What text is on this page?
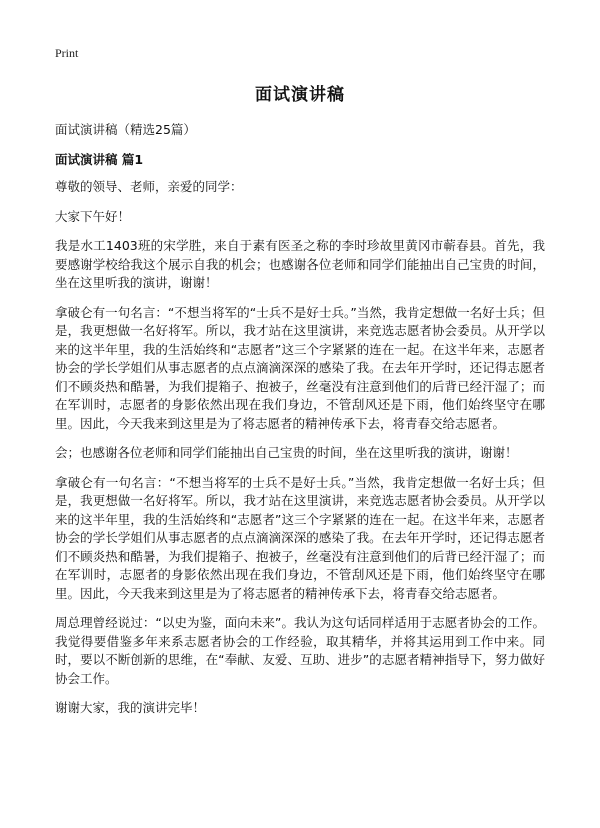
Print
面试演讲稿
面试演讲稿（精选25篇）
面试演讲稿 篇1

尊敬的领导、老师，亲爱的同学：

大家下午好！

我是水工1403班的宋学胜，来自于素有医圣之称的李时珍故里黄冈市蕲春县。首先，我要感谢学校给我这个展示自我的机会；也感谢各位老师和同学们能抽出自己宝贵的时间，坐在这里听我的演讲，谢谢！

拿破仑有一句名言：“不想当将军的“士兵不是好士兵。”当然，我肯定想做一名好士兵；但是，我更想做一名好将军。所以，我才站在这里演讲，来竞选志愿者协会委员。从开学以来的这半年里，我的生活始终和“志愿者”这三个字紧紧的连在一起。在这半年来，志愿者协会的学长学姐们从事志愿者的点点滴滴深深的感染了我。在去年开学时，还记得志愿者们不顾炎热和酷暑，为我们提箱子、抱被子，丝毫没有注意到他们的后背已经汗湿了；而在军训时，志愿者的身影依然出现在我们身边，不管刮风还是下雨，他们始终坚守在哪里。因此，今天我来到这里是为了将志愿者的精神传承下去，将青春交给志愿者。

会；也感谢各位老师和同学们能抽出自己宝贵的时间，坐在这里听我的演讲，谢谢！

拿破仑有一句名言：“不想当将军的士兵不是好士兵。”当然，我肯定想做一名好士兵；但是，我更想做一名好将军。所以，我才站在这里演讲，来竞选志愿者协会委员。从开学以来的这半年里，我的生活始终和“志愿者”这三个字紧紧的连在一起。在这半年来，志愿者协会的学长学姐们从事志愿者的点点滴滴深深的感染了我。在去年开学时，还记得志愿者们不顾炎热和酷暑，为我们提箱子、抱被子，丝毫没有注意到他们的后背已经汗湿了；而在军训时，志愿者的身影依然出现在我们身边，不管刮风还是下雨，他们始终坚守在哪里。因此，今天我来到这里是为了将志愿者的精神传承下去，将青春交给志愿者。

周总理曾经说过：“以史为鉴，面向未来”。我认为这句话同样适用于志愿者协会的工作。我觉得要借鉴多年来系志愿者协会的工作经验，取其精华，并将其运用到工作中来。同时，要以不断创新的思维，在“奉献、友爱、互助、进步”的志愿者精神指导下，努力做好协会工作。

谢谢大家，我的演讲完毕！
